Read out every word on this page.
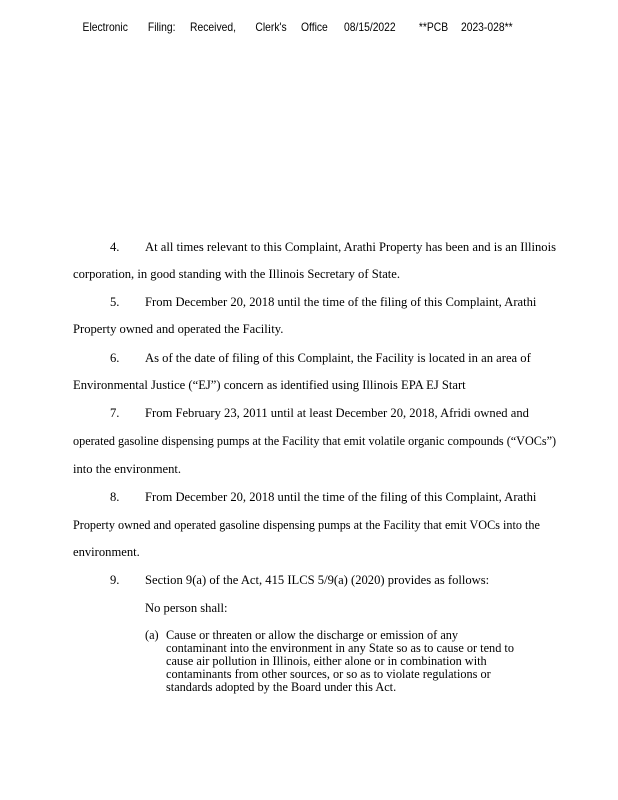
Electronic Filing: Received, Clerk's Office 08/15/2022 **PCB 2023-028**
4. At all times relevant to this Complaint, Arathi Property has been and is an Illinois
corporation, in good standing with the Illinois Secretary of State.
5. From December 20, 2018 until the time of the filing of this Complaint, Arathi
Property owned and operated the Facility.
6. As of the date of filing of this Complaint, the Facility is located in an area of
Environmental Justice (“EJ”) concern as identified using Illinois EPA EJ Start
7. From February 23, 2011 until at least December 20, 2018, Afridi owned and
operated gasoline dispensing pumps at the Facility that emit volatile organic compounds (“VOCs”)
into the environment.
8. From December 20, 2018 until the time of the filing of this Complaint, Arathi
Property owned and operated gasoline dispensing pumps at the Facility that emit VOCs into the
environment.
9. Section 9(a) of the Act, 415 ILCS 5/9(a) (2020) provides as follows:
No person shall:
(a) Cause or threaten or allow the discharge or emission of any
contaminant into the environment in any State so as to cause or tend to
cause air pollution in Illinois, either alone or in combination with
contaminants from other sources, or so as to violate regulations or
standards adopted by the Board under this Act.
